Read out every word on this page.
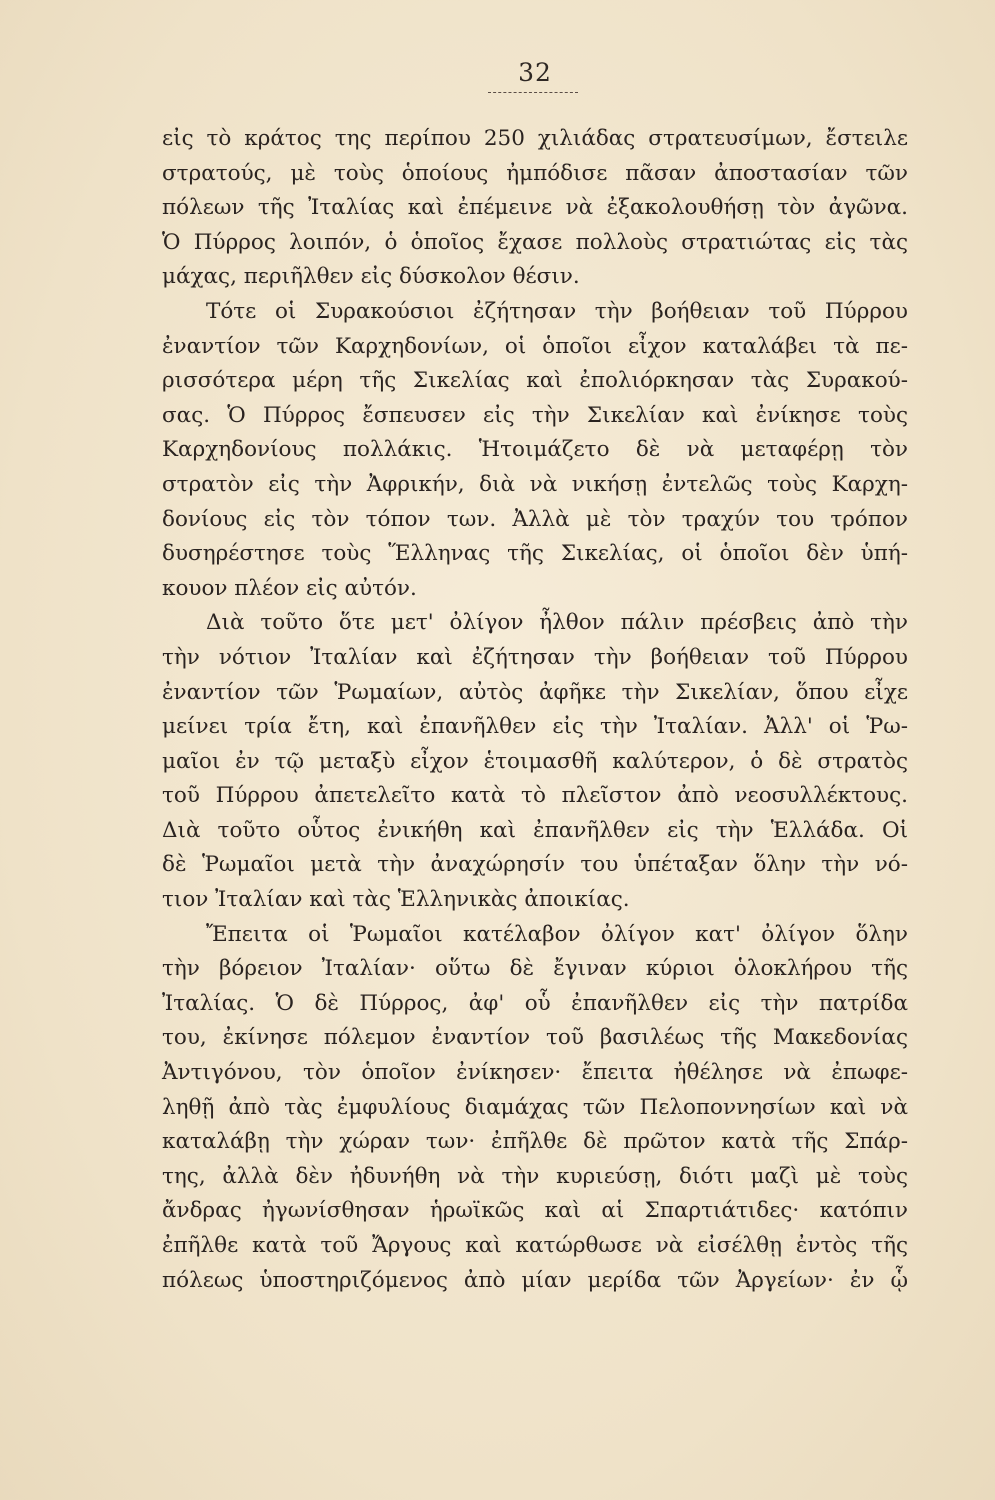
32
εἰς τὸ κράτος της περίπου 250 χιλιάδας στρατευσίμων, ἔστειλε
στρατούς, μὲ τοὺς ὁποίους ἠμπόδισε πᾶσαν ἀποστασίαν τῶν
πόλεων τῆς Ἰταλίας καὶ ἐπέμεινε νὰ ἐξακολουθήσῃ τὸν ἀγῶνα.
Ὁ Πύρρος λοιπόν, ὁ ὁποῖος ἔχασε πολλοὺς στρατιώτας εἰς τὰς
μάχας, περιῆλθεν εἰς δύσκολον θέσιν.
Τότε οἱ Συρακούσιοι ἐζήτησαν τὴν βοήθειαν τοῦ Πύρρου
ἐναντίον τῶν Καρχηδονίων, οἱ ὁποῖοι εἶχον καταλάβει τὰ πε-
ρισσότερα μέρη τῆς Σικελίας καὶ ἐπολιόρκησαν τὰς Συρακού-
σας. Ὁ Πύρρος ἔσπευσεν εἰς τὴν Σικελίαν καὶ ἐνίκησε τοὺς
Καρχηδονίους πολλάκις. Ἡτοιμάζετο δὲ νὰ μεταφέρῃ τὸν
στρατὸν εἰς τὴν Ἀφρικήν, διὰ νὰ νικήσῃ ἐντελῶς τοὺς Καρχη-
δονίους εἰς τὸν τόπον των. Ἀλλὰ μὲ τὸν τραχύν του τρόπον
δυσηρέστησε τοὺς Ἕλληνας τῆς Σικελίας, οἱ ὁποῖοι δὲν ὑπή-
κουον πλέον εἰς αὐτόν.
Διὰ τοῦτο ὅτε μετ' ὀλίγον ἦλθον πάλιν πρέσβεις ἀπὸ τὴν
τὴν νότιον Ἰταλίαν καὶ ἐζήτησαν τὴν βοήθειαν τοῦ Πύρρου
ἐναντίον τῶν Ῥωμαίων, αὐτὸς ἀφῆκε τὴν Σικελίαν, ὅπου εἶχε
μείνει τρία ἔτη, καὶ ἐπανῆλθεν εἰς τὴν Ἰταλίαν. Ἀλλ' οἱ Ῥω-
μαῖοι ἐν τῷ μεταξὺ εἶχον ἑτοιμασθῆ καλύτερον, ὁ δὲ στρατὸς
τοῦ Πύρρου ἀπετελεῖτο κατὰ τὸ πλεῖστον ἀπὸ νεοσυλλέκτους.
Διὰ τοῦτο οὗτος ἐνικήθη καὶ ἐπανῆλθεν εἰς τὴν Ἑλλάδα. Οἱ
δὲ Ῥωμαῖοι μετὰ τὴν ἀναχώρησίν του ὑπέταξαν ὅλην τὴν νό-
τιον Ἰταλίαν καὶ τὰς Ἑλληνικὰς ἀποικίας.
Ἔπειτα οἱ Ῥωμαῖοι κατέλαβον ὀλίγον κατ' ὀλίγον ὅλην
τὴν βόρειον Ἰταλίαν· οὕτω δὲ ἔγιναν κύριοι ὁλοκλήρου τῆς
Ἰταλίας. Ὁ δὲ Πύρρος, ἀφ' οὗ ἐπανῆλθεν εἰς τὴν πατρίδα
του, ἐκίνησε πόλεμον ἐναντίον τοῦ βασιλέως τῆς Μακεδονίας
Ἀντιγόνου, τὸν ὁποῖον ἐνίκησεν· ἔπειτα ἠθέλησε νὰ ἐπωφε-
ληθῇ ἀπὸ τὰς ἐμφυλίους διαμάχας τῶν Πελοποννησίων καὶ νὰ
καταλάβῃ τὴν χώραν των· ἐπῆλθε δὲ πρῶτον κατὰ τῆς Σπάρ-
της, ἀλλὰ δὲν ἠδυνήθη νὰ τὴν κυριεύσῃ, διότι μαζὶ μὲ τοὺς
ἄνδρας ἠγωνίσθησαν ἡρωϊκῶς καὶ αἱ Σπαρτιάτιδες· κατόπιν
ἐπῆλθε κατὰ τοῦ Ἄργους καὶ κατώρθωσε νὰ εἰσέλθῃ ἐντὸς τῆς
πόλεως ὑποστηριζόμενος ἀπὸ μίαν μερίδα τῶν Ἀργείων· ἐν ᾧ
